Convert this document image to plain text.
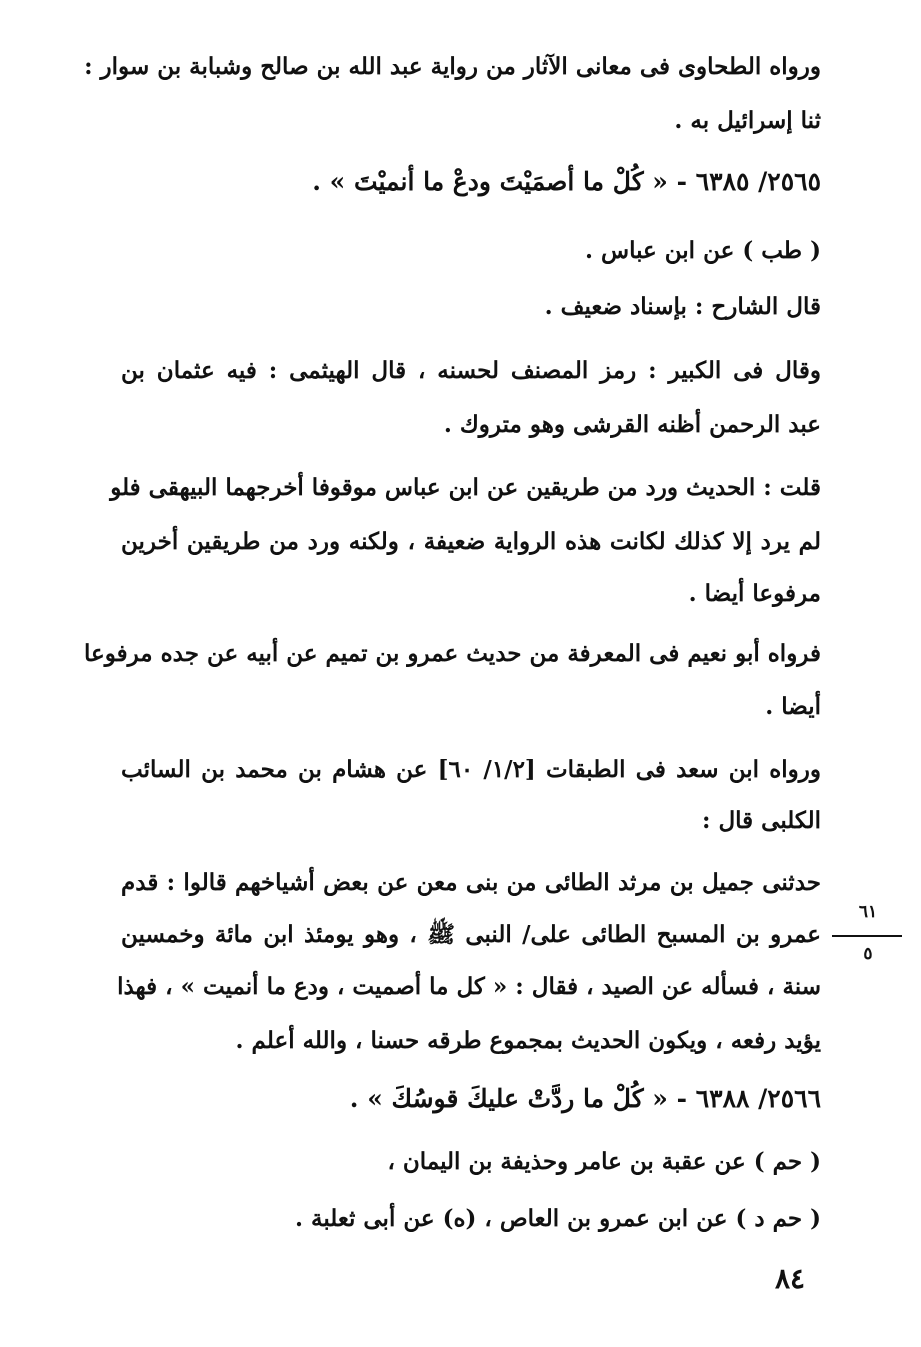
ورواه الطحاوى فى معانى الآثار من رواية عبد الله بن صالح وشبابة بن سوار :
ثنا إسرائيل به .
٢٥٦٥/ ٦٣٨٥ - « كُلْ ما أصمَيْتَ ودعْ ما أنميْتَ » .
( طب ) عن ابن عباس .
قال الشارح : بإسناد ضعيف .
وقال فى الكبير : رمز المصنف لحسنه ، قال الهيثمى : فيه عثمان بن
عبد الرحمن أظنه القرشى وهو متروك .
قلت : الحديث ورد من طريقين عن ابن عباس موقوفا أخرجهما البيهقى فلو
لم يرد إلا كذلك لكانت هذه الرواية ضعيفة ، ولكنه ورد من طريقين أخرين
مرفوعا أيضا .
فرواه أبو نعيم فى المعرفة من حديث عمرو بن تميم عن أبيه عن جده مرفوعا
أيضا .
ورواه ابن سعد فى الطبقات [١/٢/ ٦٠] عن هشام بن محمد بن السائب
الكلبى قال :
حدثنى جميل بن مرثد الطائى من بنى معن عن بعض أشياخهم قالوا : قدم
عمرو بن المسبح الطائى على/ النبى ﷺ ، وهو يومئذ ابن مائة وخمسين
سنة ، فسأله عن الصيد ، فقال : « كل ما أصميت ، ودع ما أنميت » ، فهذا
يؤيد رفعه ، ويكون الحديث بمجموع طرقه حسنا ، والله أعلم .
٢٥٦٦/ ٦٣٨٨ - « كُلْ ما ردَّتْ عليكَ قوسُكَ » .
( حم ) عن عقبة بن عامر وحذيفة بن اليمان ،
( حم د ) عن ابن عمرو بن العاص ، (ه) عن أبى ثعلبة .
٦١
٥
٨٤
